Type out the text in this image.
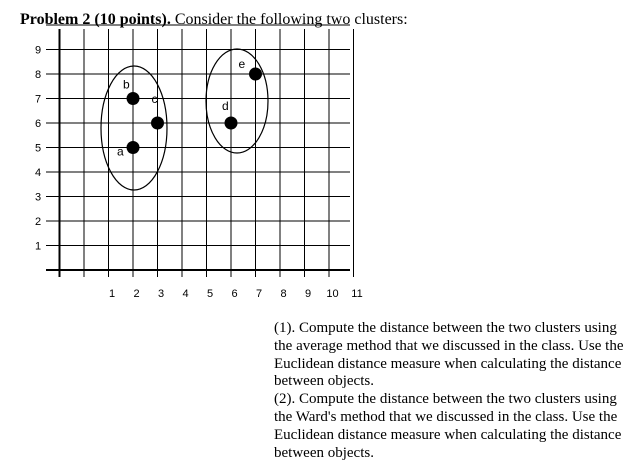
Problem 2 (10 points). Consider the following two clusters:
9
8
7
6
5
4
3
2
1
1 2 3 4 5 6 7 8 9 10 11
a
b
c	d
e

(1). Compute the distance between the two clusters using the average method that we discussed in the class. Use the Euclidean distance measure when calculating the distance between objects.

(2). Compute the distance between the two clusters using the Ward's method that we discussed in the class. Use the Euclidean distance measure when calculating the distance between objects.
